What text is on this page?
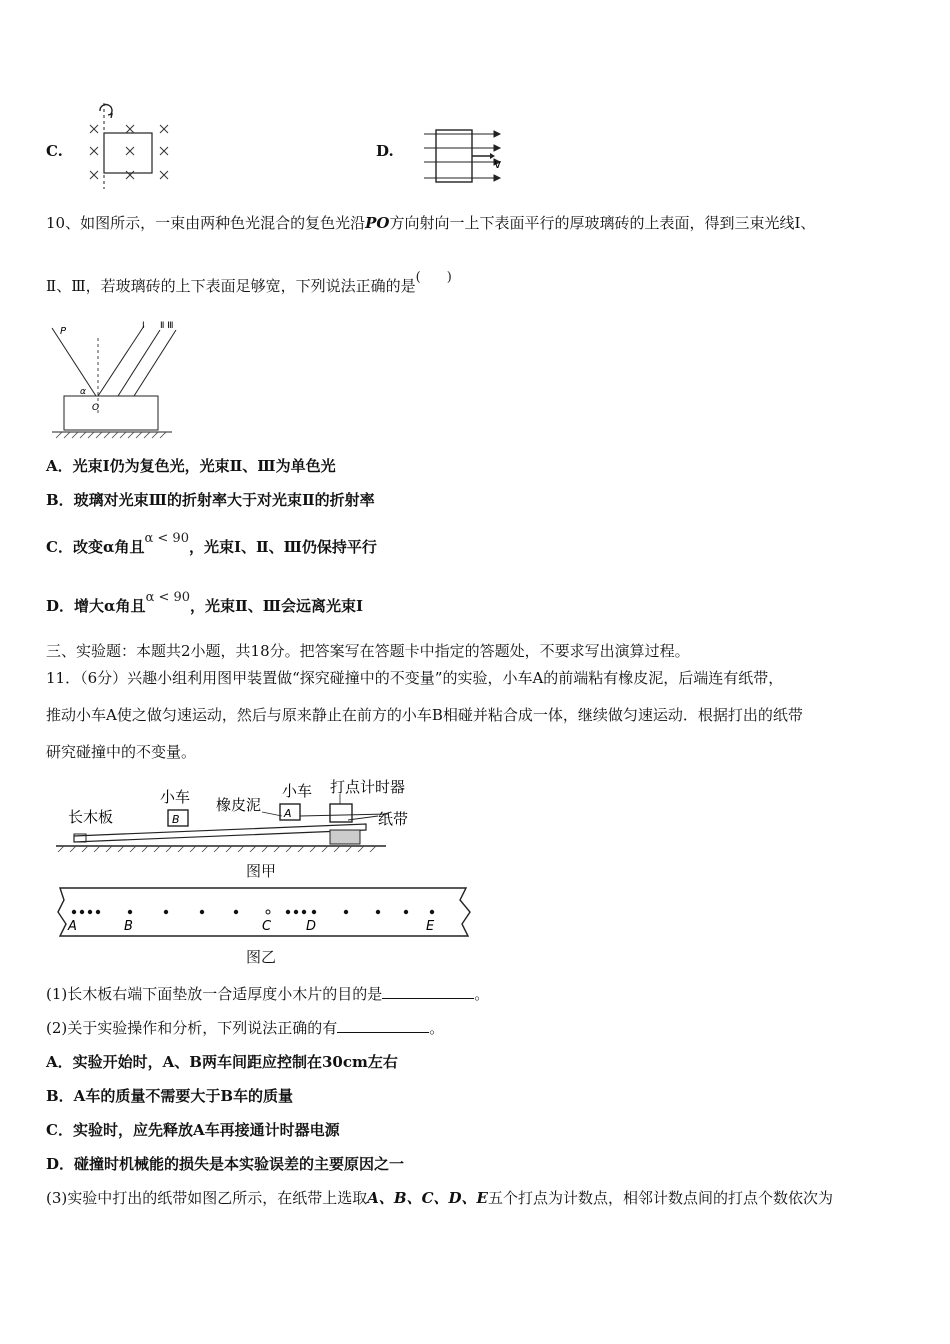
C.	D.
v
10、如图所示，一束由两种色光混合的复色光沿PO方向射向一上下表面平行的厚玻璃砖的上表面，得到三束光线Ⅰ、
Ⅱ、Ⅲ，若玻璃砖的上下表面足够宽，下列说法正确的是(　　)
P	Ⅰ Ⅱ Ⅲ
O
α
A．光束Ⅰ仍为复色光，光束Ⅱ、Ⅲ为单色光
B．玻璃对光束Ⅲ的折射率大于对光束Ⅱ的折射率
C．改变α角且α < 90，光束Ⅰ、Ⅱ、Ⅲ仍保持平行
D．增大α角且α < 90，光束Ⅱ、Ⅲ会远离光束Ⅰ
三、实验题：本题共2小题，共18分。把答案写在答题卡中指定的答题处，不要求写出演算过程。
11．（6分）兴趣小组利用图甲装置做“探究碰撞中的不变量”的实验，小车A的前端粘有橡皮泥，后端连有纸带，
推动小车A使之做匀速运动，然后与原来静止在前方的小车B相碰并粘合成一体，继续做匀速运动．根据打出的纸带
研究碰撞中的不变量。
B	A
长木板
小车 橡皮泥
小车 打点计时器
纸带
图甲
A	B	C	D	E
图乙
(1)长木板右端下面垫放一合适厚度小木片的目的是	。
(2)关于实验操作和分析，下列说法正确的有	。
A．实验开始时，A、B两车间距应控制在30cm左右
B．A车的质量不需要大于B车的质量
C．实验时，应先释放A车再接通计时器电源
D．碰撞时机械能的损失是本实验误差的主要原因之一
(3)实验中打出的纸带如图乙所示，在纸带上选取A、B、C、D、E五个打点为计数点，相邻计数点间的打点个数依次为
